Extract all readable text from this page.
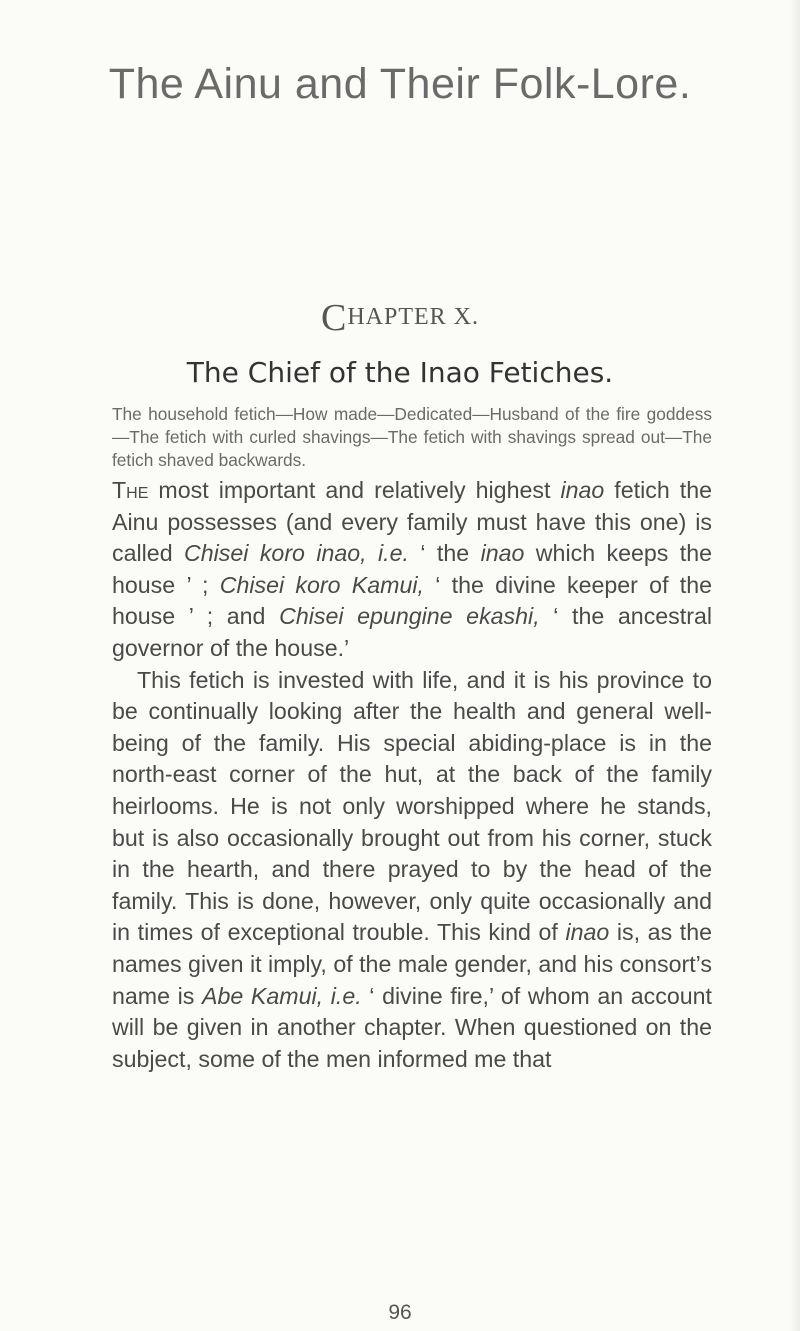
The Ainu and Their Folk-Lore.
CHAPTER X.
The Chief of the Inao Fetiches.
The household fetich—How made—Dedicated—Husband of the fire goddess—The fetich with curled shavings—The fetich with shavings spread out—The fetich shaved backwards.

The most important and relatively highest inao fetich the Ainu possesses (and every family must have this one) is called Chisei koro inao, i.e. ‘ the inao which keeps the house ’ ; Chisei koro Kamui, ‘ the divine keeper of the house ’ ; and Chisei epungine ekashi, ‘ the ancestral governor of the house.’

This fetich is invested with life, and it is his province to be continually looking after the health and general well-being of the family. His special abiding-place is in the north-east corner of the hut, at the back of the family heirlooms. He is not only worshipped where he stands, but is also occasionally brought out from his corner, stuck in the hearth, and there prayed to by the head of the family. This is done, however, only quite occasionally and in times of exceptional trouble. This kind of inao is, as the names given it imply, of the male gender, and his consort’s name is Abe Kamui, i.e. ‘ divine fire,’ of whom an account will be given in another chapter. When questioned on the subject, some of the men informed me that

96
